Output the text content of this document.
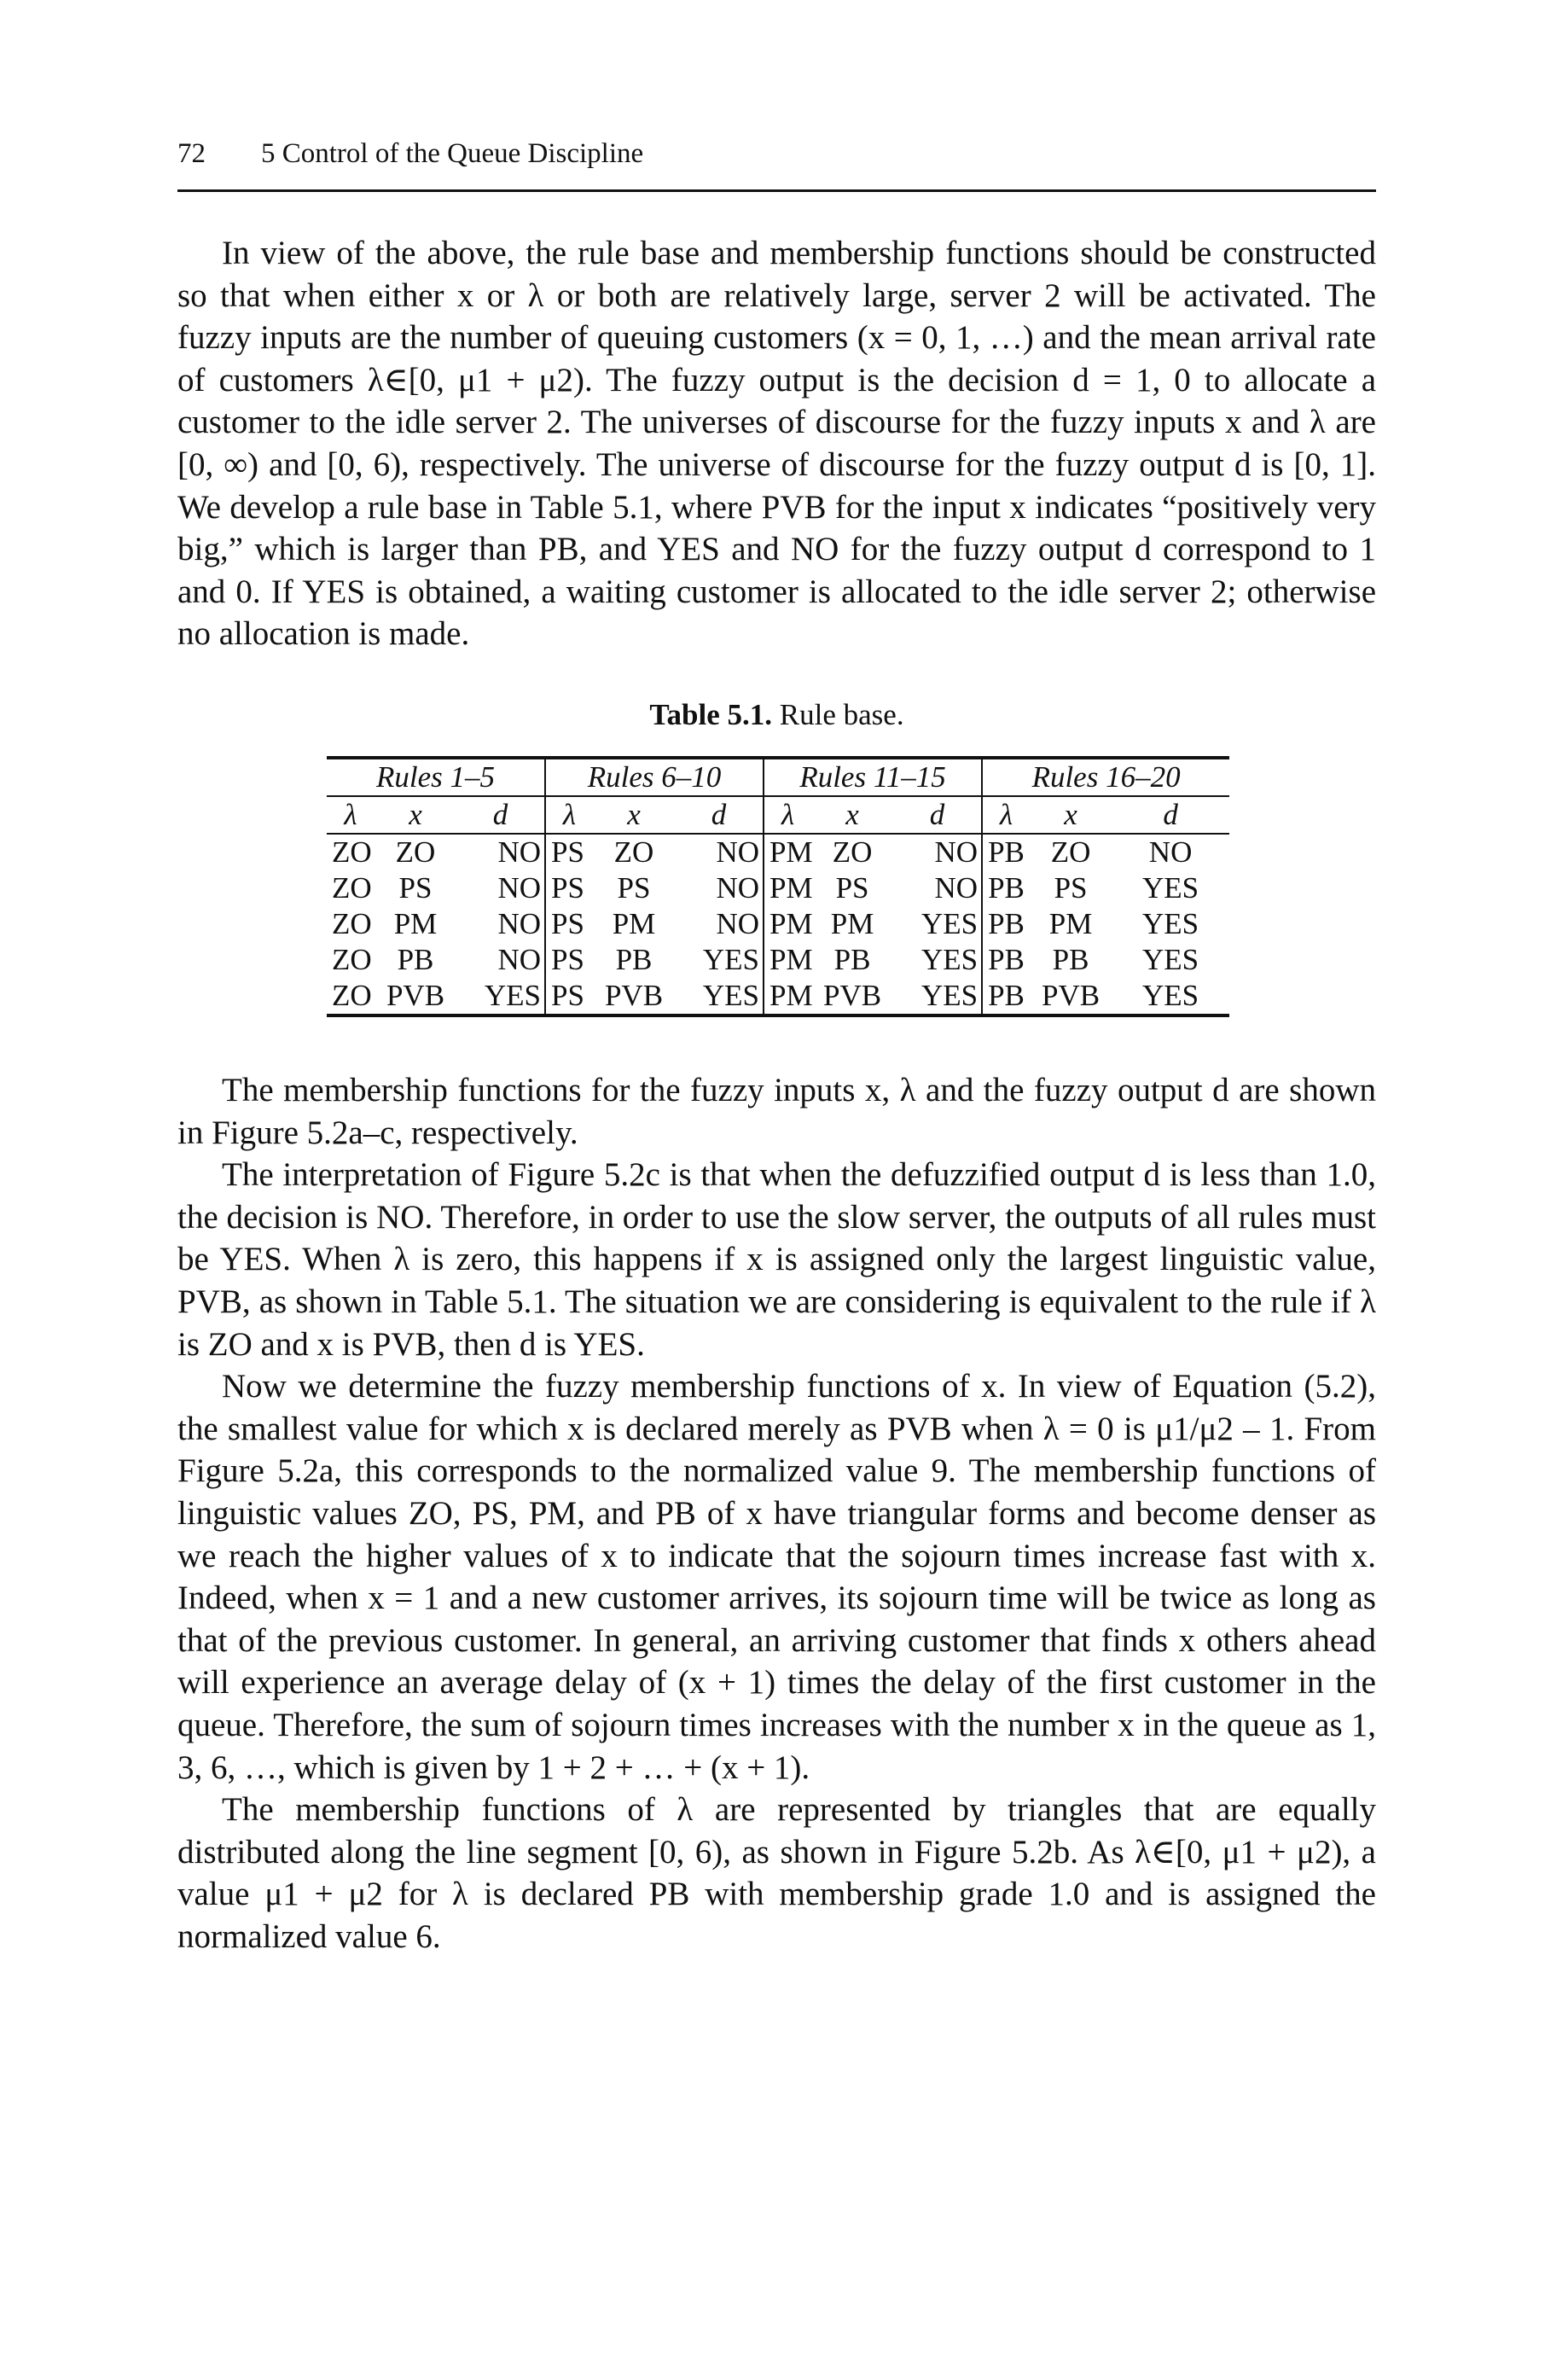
72 5 Control of the Queue Discipline

In view of the above, the rule base and membership functions should be constructed so that when either x or λ or both are relatively large, server 2 will be activated. The fuzzy inputs are the number of queuing customers (x = 0, 1, …) and the mean arrival rate of customers λ∈[0, μ1 + μ2). The fuzzy output is the decision d = 1, 0 to allocate a customer to the idle server 2. The universes of discourse for the fuzzy inputs x and λ are [0, ∞) and [0, 6), respectively. The universe of discourse for the fuzzy output d is [0, 1]. We develop a rule base in Table 5.1, where PVB for the input x indicates “positively very big,” which is larger than PB, and YES and NO for the fuzzy output d correspond to 1 and 0. If YES is obtained, a waiting customer is allocated to the idle server 2; otherwise no allocation is made.

Table 5.1. Rule base.
Rules 1–5			Rules 6–10			Rules 11–15			Rules 16–20		
λ	x	d	λ	x	d	λ	x	d	λ	x	d
ZO	ZO	NO	PS	ZO	NO	PM	ZO	NO	PB	ZO	NO
ZO	PS	NO	PS	PS	NO	PM	PS	NO	PB	PS	YES
ZO	PM	NO	PS	PM	NO	PM	PM	YES	PB	PM	YES
ZO	PB	NO	PS	PB	YES	PM	PB	YES	PB	PB	YES
ZO	PVB	YES	PS	PVB	YES	PM	PVB	YES	PB	PVB	YES

The membership functions for the fuzzy inputs x, λ and the fuzzy output d are shown in Figure 5.2a–c, respectively.

The interpretation of Figure 5.2c is that when the defuzzified output d is less than 1.0, the decision is NO. Therefore, in order to use the slow server, the outputs of all rules must be YES. When λ is zero, this happens if x is assigned only the largest linguistic value, PVB, as shown in Table 5.1. The situation we are considering is equivalent to the rule if λ is ZO and x is PVB, then d is YES.

Now we determine the fuzzy membership functions of x. In view of Equation (5.2), the smallest value for which x is declared merely as PVB when λ = 0 is μ1/μ2 – 1. From Figure 5.2a, this corresponds to the normalized value 9. The membership functions of linguistic values ZO, PS, PM, and PB of x have triangular forms and become denser as we reach the higher values of x to indicate that the sojourn times increase fast with x. Indeed, when x = 1 and a new customer arrives, its sojourn time will be twice as long as that of the previous customer. In general, an arriving customer that finds x others ahead will experience an average delay of (x + 1) times the delay of the first customer in the queue. Therefore, the sum of sojourn times increases with the number x in the queue as 1, 3, 6, …, which is given by 1 + 2 + … + (x + 1).

The membership functions of λ are represented by triangles that are equally distributed along the line segment [0, 6), as shown in Figure 5.2b. As λ∈[0, μ1 + μ2), a value μ1 + μ2 for λ is declared PB with membership grade 1.0 and is assigned the normalized value 6.
